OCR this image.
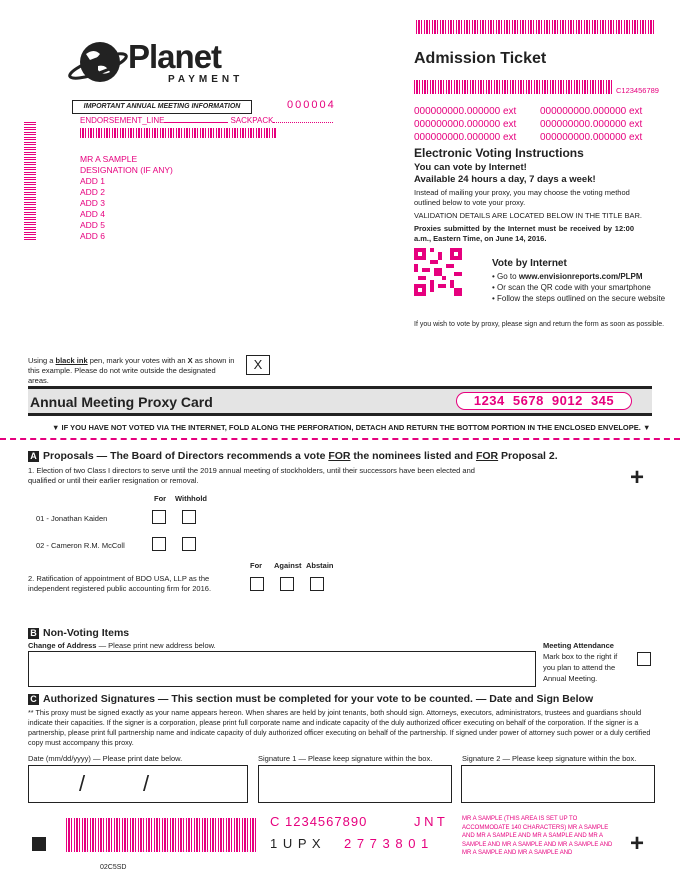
Planet
PAYMENT
IMPORTANT ANNUAL MEETING INFORMATION	000004
ENDORSEMENT_LINE	SACKPACK
MR A SAMPLE
DESIGNATION (IF ANY)
ADD 1
ADD 2
ADD 3
ADD 4
ADD 5
ADD 6
Admission Ticket
C123456789
000000000.000000 ext 000000000.000000 ext
000000000.000000 ext 000000000.000000 ext
000000000.000000 ext 000000000.000000 ext
Electronic Voting Instructions
You can vote by Internet!
Available 24 hours a day, 7 days a week!
Instead of mailing your proxy, you may choose the voting method outlined below to vote your proxy.
VALIDATION DETAILS ARE LOCATED BELOW IN THE TITLE BAR.
Proxies submitted by the Internet must be received by 12:00 a.m., Eastern Time, on June 14, 2016.
Vote by Internet
• Go to www.envisionreports.com/PLPM
• Or scan the QR code with your smartphone
• Follow the steps outlined on the secure website
If you wish to vote by proxy, please sign and return the form as soon as possible.
Using a black ink pen, mark your votes with an X as shown in this example. Please do not write outside the designated areas.
X
Annual Meeting Proxy Card	1234 5678 9012 345
▼ IF YOU HAVE NOT VOTED VIA THE INTERNET, FOLD ALONG THE PERFORATION, DETACH AND RETURN THE BOTTOM PORTION IN THE ENCLOSED ENVELOPE. ▼
A Proposals — The Board of Directors recommends a vote FOR the nominees listed and FOR Proposal 2.
1. Election of two Class I directors to serve until the 2019 annual meeting of stockholders, until their successors have been elected and qualified or until their earlier resignation or removal.	+
For Withhold
01 - Jonathan Kaiden
02 - Cameron R.M. McColl
For Against Abstain
2. Ratification of appointment of BDO USA, LLP as the independent registered public accounting firm for 2016.
B Non-Voting Items
Change of Address — Please print new address below.	Meeting Attendance
Mark box to the right if you plan to attend the Annual Meeting.
C Authorized Signatures — This section must be completed for your vote to be counted. — Date and Sign Below
** This proxy must be signed exactly as your name appears hereon. When shares are held by joint tenants, both should sign. Attorneys, executors, administrators, trustees and guardians should indicate their capacities. If the signer is a corporation, please print full corporate name and indicate capacity of the duly authorized officer executing on behalf of the corporation. If the signer is a partnership, please print full partnership name and indicate capacity of duly authorized officer executing on behalf of the partnership. If signed under power of attorney such power or a duly certified copy must accompany this proxy.
Date (mm/dd/yyyy) — Please print date below.
/	/
Signature 1 — Please keep signature within the box.	Signature 2 — Please keep signature within the box.
02C5SD
C 1234567890	J N T
1 U P X 2 7 7 3 8 0 1
MR A SAMPLE (THIS AREA IS SET UP TO ACCOMMODATE 140 CHARACTERS) MR A SAMPLE AND MR A SAMPLE AND MR A SAMPLE AND MR A SAMPLE AND MR A SAMPLE AND MR A SAMPLE AND MR A SAMPLE AND MR A SAMPLE AND	+
